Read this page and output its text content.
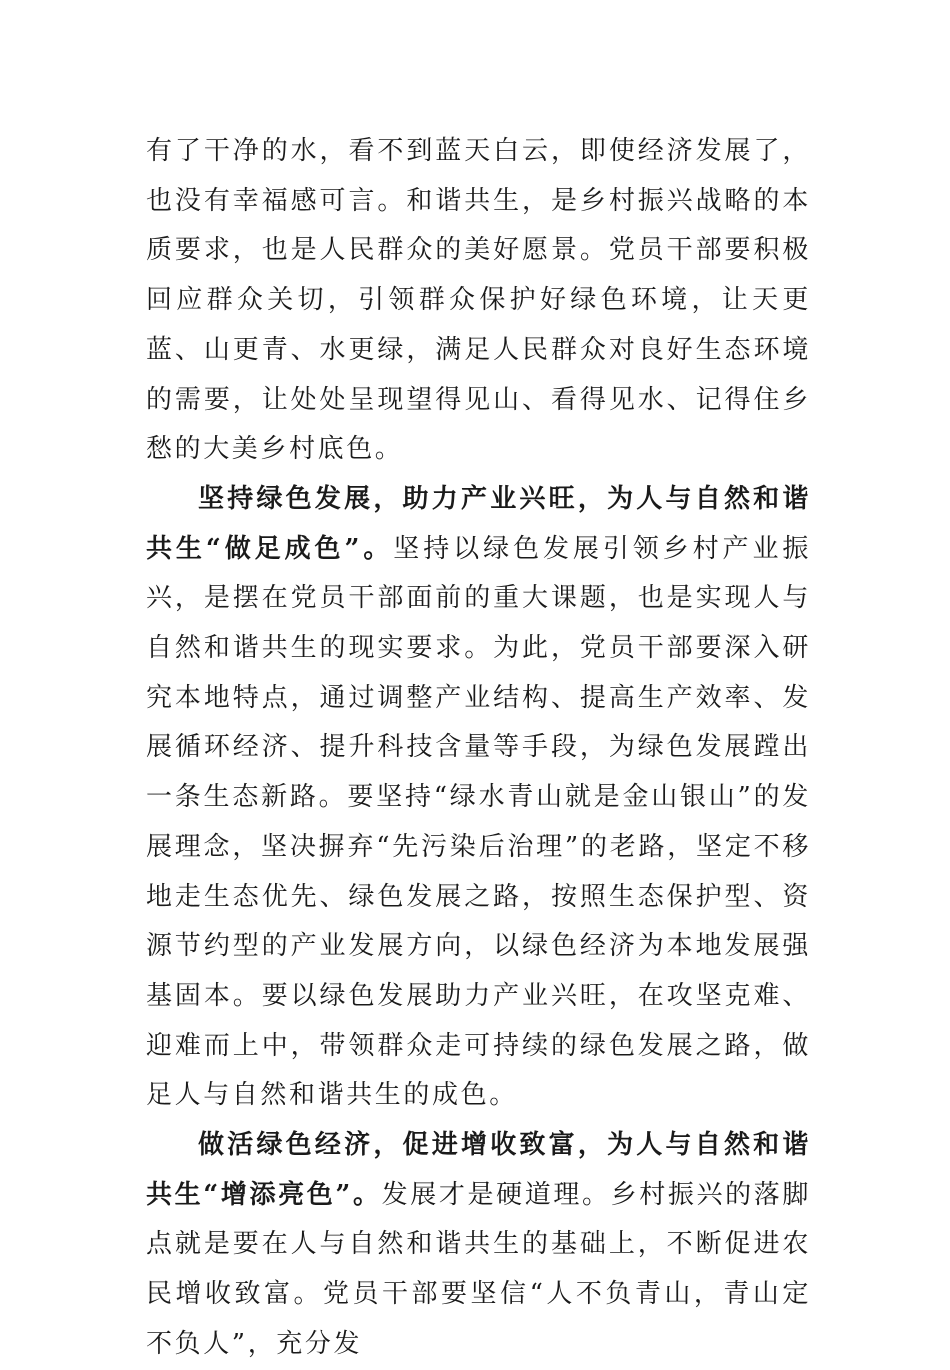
有了干净的水，看不到蓝天白云，即使经济发展了，也没有幸福感可言。和谐共生，是乡村振兴战略的本质要求，也是人民群众的美好愿景。党员干部要积极回应群众关切，引领群众保护好绿色环境，让天更蓝、山更青、水更绿，满足人民群众对良好生态环境的需要，让处处呈现望得见山、看得见水、记得住乡愁的大美乡村底色。

坚持绿色发展，助力产业兴旺，为人与自然和谐共生“做足成色”。坚持以绿色发展引领乡村产业振兴，是摆在党员干部面前的重大课题，也是实现人与自然和谐共生的现实要求。为此，党员干部要深入研究本地特点，通过调整产业结构、提高生产效率、发展循环经济、提升科技含量等手段，为绿色发展蹚出一条生态新路。要坚持“绿水青山就是金山银山”的发展理念，坚决摒弃“先污染后治理”的老路，坚定不移地走生态优先、绿色发展之路，按照生态保护型、资源节约型的产业发展方向，以绿色经济为本地发展强基固本。要以绿色发展助力产业兴旺，在攻坚克难、迎难而上中，带领群众走可持续的绿色发展之路，做足人与自然和谐共生的成色。

做活绿色经济，促进增收致富，为人与自然和谐共生“增添亮色”。发展才是硬道理。乡村振兴的落脚点就是要在人与自然和谐共生的基础上，不断促进农民增收致富。党员干部要坚信“人不负青山，青山定不负人”，充分发
